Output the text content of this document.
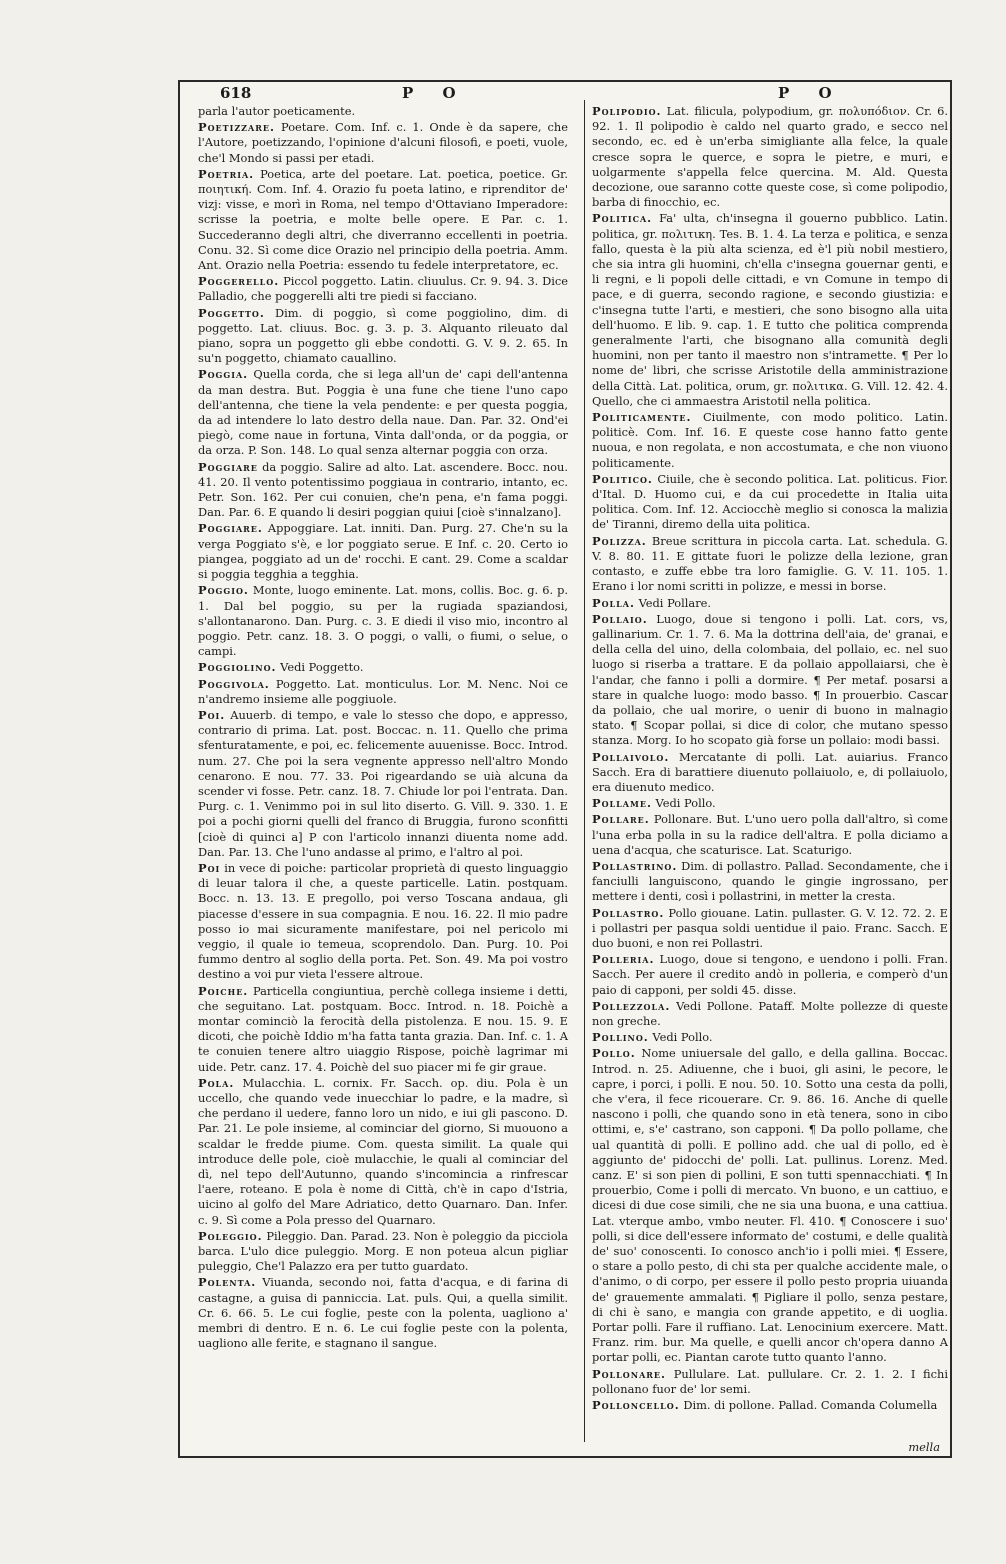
618	P O	P O
parla l'autor poeticamente.
Poetizzare. Poetare. Com. Inf. c. 1. Onde è da sapere, che l'Autore, poetizzando, l'opinione d'alcuni filosofi, e poeti, vuole, che'l Mondo si passi per etadi.
Poetria. Poetica, arte del poetare. Lat. poetica, poetice. Gr. ποιητική. Com. Inf. 4. Orazio fu poeta latino, e riprenditor de' vizj: visse, e morì in Roma, nel tempo d'Ottaviano Imperadore: scrisse la poetria, e molte belle opere. E Par. c. 1. Succederanno degli altri, che diverranno eccellenti in poetria. Conu. 32. Sì come dice Orazio nel principio della poetria. Amm. Ant. Orazio nella Poetria: essendo tu fedele interpretatore, ec.
Poggerello. Piccol poggetto. Latin. cliuulus. Cr. 9. 94. 3. Dice Palladio, che poggerelli alti tre piedi si facciano.
Poggetto. Dim. di poggio, sì come poggiolino, dim. di poggetto. Lat. cliuus. Boc. g. 3. p. 3. Alquanto rileuato dal piano, sopra un poggetto gli ebbe condotti. G. V. 9. 2. 65. In su'n poggetto, chiamato cauallino.
Poggia. Quella corda, che si lega all'un de' capi dell'antenna da man destra. But. Poggia è una fune che tiene l'uno capo dell'antenna, che tiene la vela pendente: e per questa poggia, da ad intendere lo lato destro della naue. Dan. Par. 32. Ond'ei piegò, come naue in fortuna, Vinta dall'onda, or da poggia, or da orza. P. Son. 148. Lo qual senza alternar poggia con orza.
Poggiare da poggio. Salire ad alto. Lat. ascendere. Bocc. nou. 41. 20. Il vento potentissimo poggiaua in contrario, intanto, ec. Petr. Son. 162. Per cui conuien, che'n pena, e'n fama poggi. Dan. Par. 6. E quando li desiri poggian quiui [cioè s'innalzano].
Poggiare. Appoggiare. Lat. inniti. Dan. Purg. 27. Che'n su la verga Poggiato s'è, e lor poggiato serue. E Inf. c. 20. Certo io piangea, poggiato ad un de' rocchi. E cant. 29. Come a scaldar si poggia tegghia a tegghia.
Poggio. Monte, luogo eminente. Lat. mons, collis. Boc. g. 6. p. 1. Dal bel poggio, su per la rugiada spaziandosi, s'allontanarono. Dan. Purg. c. 3. E diedi il viso mio, incontro al poggio. Petr. canz. 18. 3. O poggi, o valli, o fiumi, o selue, o campi.
Poggiolino. Vedi Poggetto.
Poggivola. Poggetto. Lat. monticulus. Lor. M. Nenc. Noi ce n'andremo insieme alle poggiuole.
Poi. Auuerb. di tempo, e vale lo stesso che dopo, e appresso, contrario di prima. Lat. post. Boccac. n. 11. Quello che prima sfenturatamente, e poi, ec. felicemente auuenisse. Bocc. Introd. num. 27. Che poi la sera vegnente appresso nell'altro Mondo cenarono. E nou. 77. 33. Poi rigeardando se uià alcuna da scender vi fosse. Petr. canz. 18. 7. Chiude lor poi l'entrata. Dan. Purg. c. 1. Venimmo poi in sul lito diserto. G. Vill. 9. 330. 1. E poi a pochi giorni quelli del franco di Bruggia, furono sconfitti [cioè di quinci a] P con l'articolo innanzi diuenta nome add. Dan. Par. 13. Che l'uno andasse al primo, e l'altro al poi.
Poi in vece di poiche: particolar proprietà di questo linguaggio di leuar talora il che, a queste particelle. Latin. postquam. Bocc. n. 13. 13. E pregollo, poi verso Toscana andaua, gli piacesse d'essere in sua compagnia. E nou. 16. 22. Il mio padre posso io mai sicuramente manifestare, poi nel pericolo mi veggio, il quale io temeua, scoprendolo. Dan. Purg. 10. Poi fummo dentro al soglio della porta. Pet. Son. 49. Ma poi vostro destino a voi pur vieta l'essere altroue.
Poiche. Particella congiuntiua, perchè collega insieme i detti, che seguitano. Lat. postquam. Bocc. Introd. n. 18. Poichè a montar cominciò la ferocità della pistolenza. E nou. 15. 9. E dicoti, che poichè Iddio m'ha fatta tanta grazia. Dan. Inf. c. 1. A te conuien tenere altro uiaggio Rispose, poichè lagrimar mi uide. Petr. canz. 17. 4. Poichè del suo piacer mi fe gir graue.
Pola. Mulacchia. L. cornix. Fr. Sacch. op. diu. Pola è un uccello, che quando vede inuecchiar lo padre, e la madre, sì che perdano il uedere, fanno loro un nido, e iui gli pascono. D. Par. 21. Le pole insieme, al cominciar del giorno, Si muouono a scaldar le fredde piume. Com. questa similit. La quale qui introduce delle pole, cioè mulacchie, le quali al cominciar del dì, nel tepo dell'Autunno, quando s'incomincia a rinfrescar l'aere, roteano. E pola è nome di Città, ch'è in capo d'Istria, uicino al golfo del Mare Adriatico, detto Quarnaro. Dan. Infer. c. 9. Sì come a Pola presso del Quarnaro.
Poleggio. Pileggio. Dan. Parad. 23. Non è poleggio da picciola barca. L'ulo dice puleggio. Morg. E non poteua alcun pigliar puleggio, Che'l Palazzo era per tutto guardato.
Polenta. Viuanda, secondo noi, fatta d'acqua, e di farina di castagne, a guisa di panniccia. Lat. puls. Qui, a quella similit. Cr. 6. 66. 5. Le cui foglie, peste con la polenta, uagliono a' membri di dentro. E n. 6. Le cui foglie peste con la polenta, uagliono alle ferite, e stagnano il sangue.
Polipodio. Lat. filicula, polypodium, gr. πολυπόδιον. Cr. 6. 92. 1. Il polipodio è caldo nel quarto grado, e secco nel secondo, ec. ed è un'erba simigliante alla felce, la quale cresce sopra le querce, e sopra le pietre, e muri, e uolgarmente s'appella felce quercina. M. Ald. Questa decozione, oue saranno cotte queste cose, sì come polipodio, barba di finocchio, ec.
Politica. Fa' ulta, ch'insegna il gouerno pubblico. Latin. politica, gr. πολιτικη. Tes. B. 1. 4. La terza e politica, e senza fallo, questa è la più alta scienza, ed è'l più nobil mestiero, che sia intra gli huomini, ch'ella c'insegna gouernar genti, e li regni, e li popoli delle cittadi, e vn Comune in tempo di pace, e di guerra, secondo ragione, e secondo giustizia: e c'insegna tutte l'arti, e mestieri, che sono bisogno alla uita dell'huomo. E lib. 9. cap. 1. E tutto che politica comprenda generalmente l'arti, che bisognano alla comunità degli huomini, non per tanto il maestro non s'intramette. ¶ Per lo nome de' libri, che scrisse Aristotile della amministrazione della Città. Lat. politica, orum, gr. πολιτικα. G. Vill. 12. 42. 4. Quello, che ci ammaestra Aristotil nella politica.
Politicamente. Ciuilmente, con modo politico. Latin. politicè. Com. Inf. 16. E queste cose hanno fatto gente nuoua, e non regolata, e non accostumata, e che non viuono politicamente.
Politico. Ciuile, che è secondo politica. Lat. politicus. Fior. d'Ital. D. Huomo cui, e da cui procedette in Italia uita politica. Com. Inf. 12. Acciocchè meglio si conosca la malizia de' Tiranni, diremo della uita politica.
Polizza. Breue scrittura in piccola carta. Lat. schedula. G. V. 8. 80. 11. E gittate fuori le polizze della lezione, gran contasto, e zuffe ebbe tra loro famiglie. G. V. 11. 105. 1. Erano i lor nomi scritti in polizze, e messi in borse.
Polla. Vedi Pollare.
Pollaio. Luogo, doue si tengono i polli. Lat. cors, vs, gallinarium. Cr. 1. 7. 6. Ma la dottrina dell'aia, de' granai, e della cella del uino, della colombaia, del pollaio, ec. nel suo luogo si riserba a trattare. E da pollaio appollaiarsi, che è l'andar, che fanno i polli a dormire. ¶ Per metaf. posarsi a stare in qualche luogo: modo basso. ¶ In prouerbio. Cascar da pollaio, che ual morire, o uenir di buono in malnagio stato. ¶ Scopar pollai, si dice di color, che mutano spesso stanza. Morg. Io ho scopato già forse un pollaio: modi bassi.
Pollaivolo. Mercatante di polli. Lat. auiarius. Franco Sacch. Era di barattiere diuenuto pollaiuolo, e, di pollaiuolo, era diuenuto medico.
Pollame. Vedi Pollo.
Pollare. Pollonare. But. L'uno uero polla dall'altro, sì come l'una erba polla in su la radice dell'altra. E polla diciamo a uena d'acqua, che scaturisce. Lat. Scaturigo.
Pollastrino. Dim. di pollastro. Pallad. Secondamente, che i fanciulli languiscono, quando le gingie ingrossano, per mettere i denti, così i pollastrini, in metter la cresta.
Pollastro. Pollo giouane. Latin. pullaster. G. V. 12. 72. 2. E i pollastri per pasqua soldi uentidue il paio. Franc. Sacch. E duo buoni, e non rei Pollastri.
Polleria. Luogo, doue si tengono, e uendono i polli. Fran. Sacch. Per auere il credito andò in polleria, e comperò d'un paio di capponi, per soldi 45. disse.
Pollezzola. Vedi Pollone. Pataff. Molte pollezze di queste non greche.
Pollino. Vedi Pollo.
Pollo. Nome uniuersale del gallo, e della gallina. Boccac. Introd. n. 25. Adiuenne, che i buoi, gli asini, le pecore, le capre, i porci, i polli. E nou. 50. 10. Sotto una cesta da polli, che v'era, il fece ricouerare. Cr. 9. 86. 16. Anche di quelle nascono i polli, che quando sono in età tenera, sono in cibo ottimi, e, s'e' castrano, son capponi. ¶ Da pollo pollame, che ual quantità di polli. E pollino add. che ual di pollo, ed è aggiunto de' pidocchi de' polli. Lat. pullinus. Lorenz. Med. canz. E' si son pien di pollini, E son tutti spennacchiati. ¶ In prouerbio, Come i polli di mercato. Vn buono, e un cattiuo, e dicesi di due cose simili, che ne sia una buona, e una cattiua. Lat. vterque ambo, vmbo neuter. Fl. 410. ¶ Conoscere i suo' polli, si dice dell'essere informato de' costumi, e delle qualità de' suo' conoscenti. Io conosco anch'io i polli miei. ¶ Essere, o stare a pollo pesto, di chi sta per qualche accidente male, o d'animo, o di corpo, per essere il pollo pesto propria uiuanda de' grauemente ammalati. ¶ Pigliare il pollo, senza pestare, di chi è sano, e mangia con grande appetito, e di uoglia. Portar polli. Fare il ruffiano. Lat. Lenocinium exercere. Matt. Franz. rim. bur. Ma quelle, e quelli ancor ch'opera danno A portar polli, ec. Piantan carote tutto quanto l'anno.
Pollonare. Pullulare. Lat. pullulare. Cr. 2. 1. 2. I fichi pollonano fuor de' lor semi.
Polloncello. Dim. di pollone. Pallad. Comanda Columella
mella
